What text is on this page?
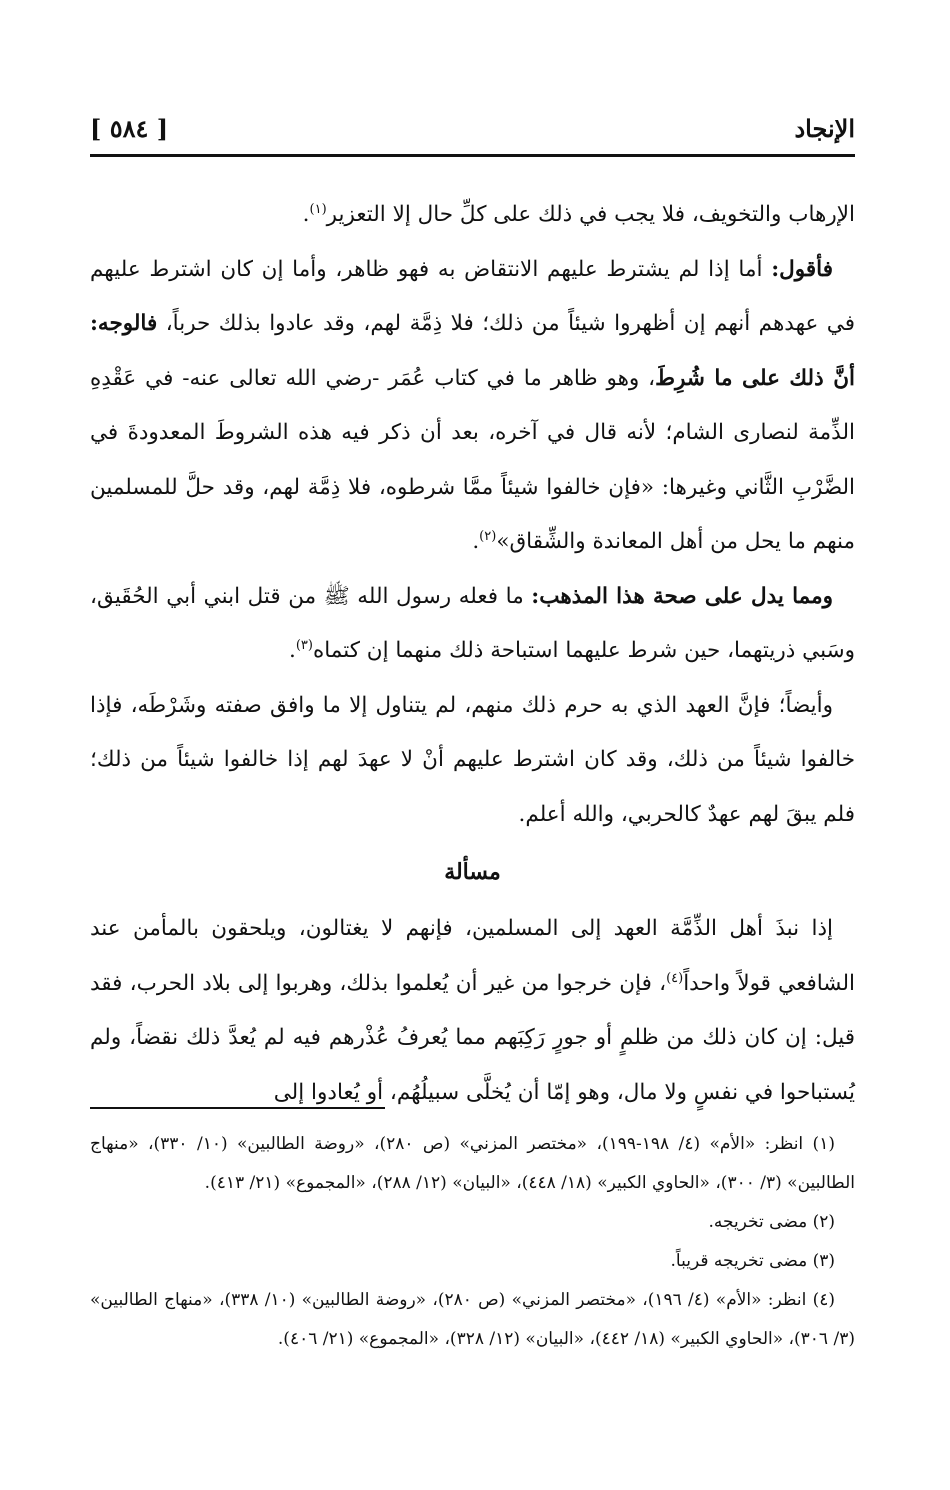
الإنجاد
[ ٥٨٤ ]

الإرهاب والتخويف، فلا يجب في ذلك على كلِّ حال إلا التعزير$^{(١)}$.

فأقول: أما إذا لم يشترط عليهم الانتقاض به فهو ظاهر، وأما إن كان اشترط عليهم في عهدهم أنهم إن أظهروا شيئاً من ذلك؛ فلا ذِمَّة لهم، وقد عادوا بذلك حرباً، فالوجه: أنَّ ذلك على ما شُرِطَ، وهو ظاهر ما في كتاب عُمَر -رضي الله تعالى عنه- في عَقْدِهِ الذِّمة لنصارى الشام؛ لأنه قال في آخره، بعد أن ذكر فيه هذه الشروطَ المعدودةَ في الضَّرْبِ الثَّاني وغيرها: «فإن خالفوا شيئاً ممَّا شرطوه، فلا ذِمَّة لهم، وقد حلَّ للمسلمين منهم ما يحل من أهل المعاندة والشِّقاق»$^{(٢)}$.

ومما يدل على صحة هذا المذهب: ما فعله رسول الله ﷺ من قتل ابني أبي الحُقَيق، وسَبي ذريتهما، حين شرط عليهما استباحة ذلك منهما إن كتماه$^{(٣)}$.

وأيضاً؛ فإنَّ العهد الذي به حرم ذلك منهم، لم يتناول إلا ما وافق صفته وشَرْطَه، فإذا خالفوا شيئاً من ذلك، وقد كان اشترط عليهم أنْ لا عهدَ لهم إذا خالفوا شيئاً من ذلك؛ فلم يبقَ لهم عهدٌ كالحربي، والله أعلم.

مسألة

إذا نبذَ أهل الذِّمَّة العهد إلى المسلمين، فإنهم لا يغتالون، ويلحقون بالمأمن عند الشافعي قولاً واحداً$^{(٤)}$، فإن خرجوا من غير أن يُعلموا بذلك، وهربوا إلى بلاد الحرب، فقد قيل: إن كان ذلك من ظلمٍ أو جورٍ رَكِبَهم مما يُعرفُ عُذْرهم فيه لم يُعدَّ ذلك نقضاً، ولم يُستباحوا في نفسٍ ولا مال، وهو إمّا أن يُخلَّى سبيلُهُم، أو يُعادوا إلى

(١) انظر: «الأم» (٤/ ١٩٨-١٩٩)، «مختصر المزني» (ص ٢٨٠)، «روضة الطالبين» (١٠/ ٣٣٠)، «منهاج الطالبين» (٣/ ٣٠٠)، «الحاوي الكبير» (١٨/ ٤٤٨)، «البيان» (١٢/ ٢٨٨)، «المجموع» (٢١/ ٤١٣).

(٢) مضى تخريجه.

(٣) مضى تخريجه قريباً.

(٤) انظر: «الأم» (٤/ ١٩٦)، «مختصر المزني» (ص ٢٨٠)، «روضة الطالبين» (١٠/ ٣٣٨)، «منهاج الطالبين» (٣/ ٣٠٦)، «الحاوي الكبير» (١٨/ ٤٤٢)، «البيان» (١٢/ ٣٢٨)، «المجموع» (٢١/ ٤٠٦).
